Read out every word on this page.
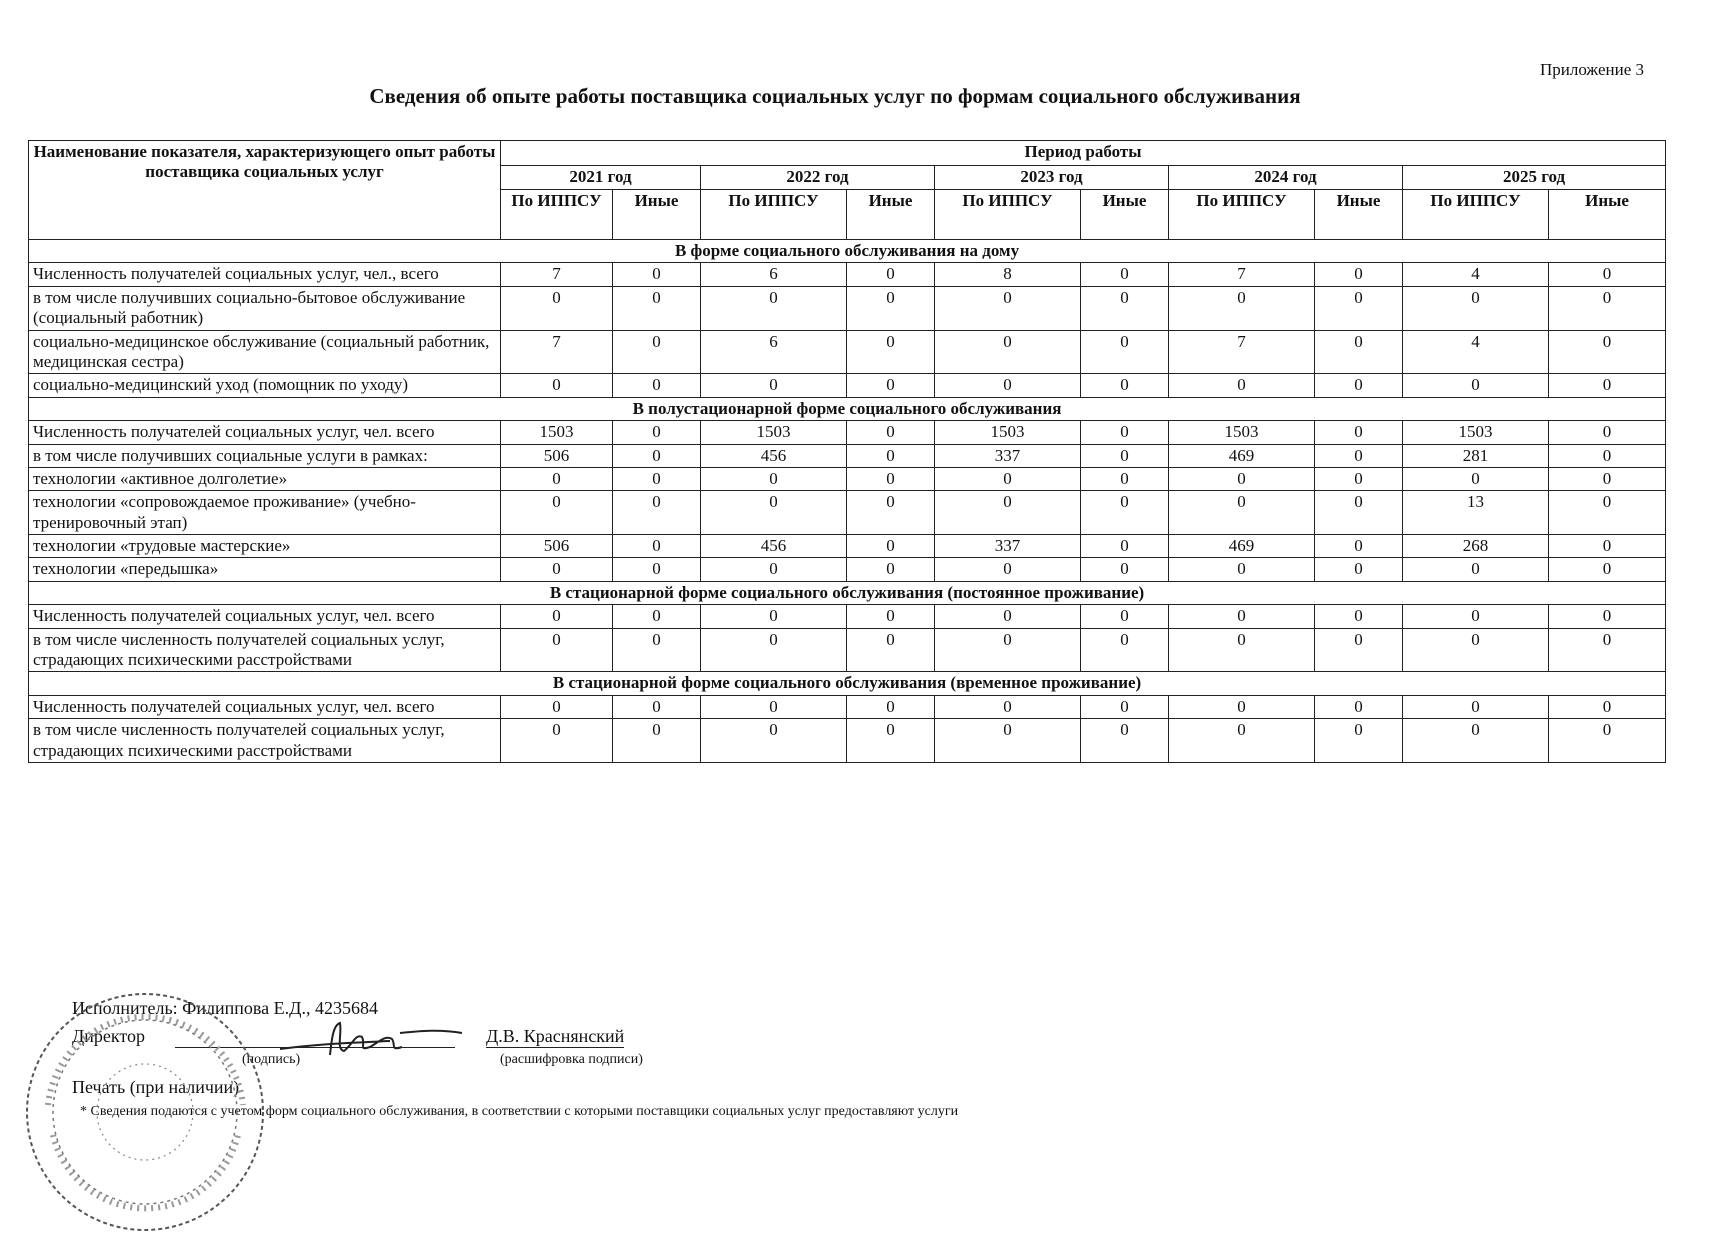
Приложение 3
Сведения об опыте работы поставщика социальных услуг по формам социального обслуживания
Наименование показателя, характеризующего опыт работы поставщика социальных услуг	Период работы									
	2021 год		2022 год		2023 год		2024 год		2025 год	
	По ИППСУ	Иные	По ИППСУ	Иные	По ИППСУ	Иные	По ИППСУ	Иные	По ИППСУ	Иные
В форме социального обслуживания на дому										
Численность получателей социальных услуг, чел., всего	7	0	6	0	8	0	7	0	4	0
в том числе получивших социально-бытовое обслуживание (социальный работник)	0	0	0	0	0	0	0	0	0	0
социально-медицинское обслуживание (социальный работник, медицинская сестра)	7	0	6	0	0	0	7	0	4	0
социально-медицинский уход (помощник по уходу)	0	0	0	0	0	0	0	0	0	0
В полустационарной форме социального обслуживания										
Численность получателей социальных услуг, чел. всего	1503	0	1503	0	1503	0	1503	0	1503	0
в том числе получивших социальные услуги в рамках:	506	0	456	0	337	0	469	0	281	0
технологии «активное долголетие»	0	0	0	0	0	0	0	0	0	0
технологии «сопровождаемое проживание» (учебно-тренировочный этап)	0	0	0	0	0	0	0	0	13	0
технологии «трудовые мастерские»	506	0	456	0	337	0	469	0	268	0
технологии «передышка»	0	0	0	0	0	0	0	0	0	0
В стационарной форме социального обслуживания (постоянное проживание)										
Численность получателей социальных услуг, чел. всего	0	0	0	0	0	0	0	0	0	0
в том числе численность получателей социальных услуг, страдающих психическими расстройствами	0	0	0	0	0	0	0	0	0	0
В стационарной форме социального обслуживания (временное проживание)										
Численность получателей социальных услуг, чел. всего	0	0	0	0	0	0	0	0	0	0
в том числе численность получателей социальных услуг, страдающих психическими расстройствами	0	0	0	0	0	0	0	0	0	0
Исполнитель: Филиппова Е.Д., 4235684
Директор
(подпись)
Д.В. Краснянский
(расшифровка подписи)
Печать (при наличии)
* Сведения подаются с учетом форм социального обслуживания, в соответствии с которыми поставщики социальных услуг предоставляют услуги
